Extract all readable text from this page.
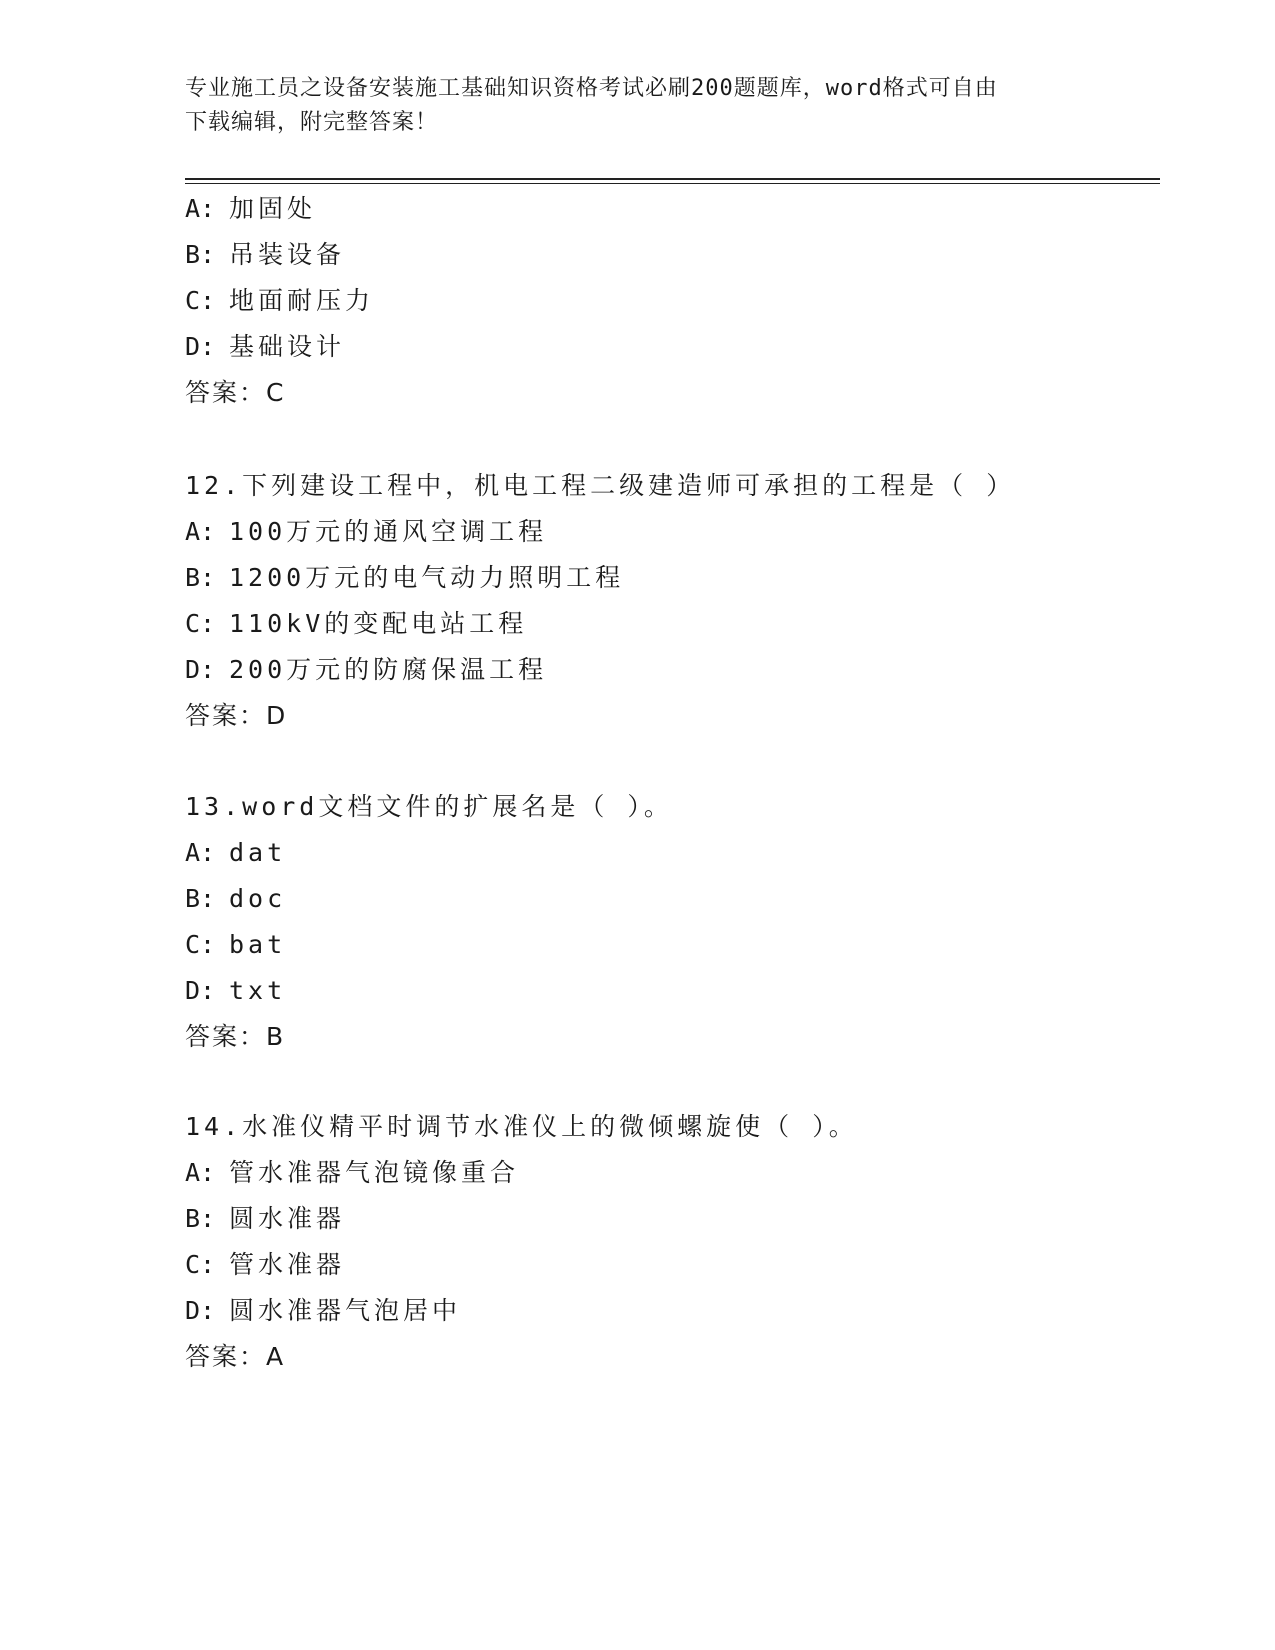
专业施工员之设备安装施工基础知识资格考试必刷200题题库，word格式可自由
下载编辑，附完整答案！
A: 加固处
B: 吊装设备
C: 地面耐压力
D: 基础设计
答案：C
12.下列建设工程中，机电工程二级建造师可承担的工程是（ ）
A: 100万元的通风空调工程
B: 1200万元的电气动力照明工程
C: 110kV的变配电站工程
D: 200万元的防腐保温工程
答案：D
13.word文档文件的扩展名是（ ）。
A: dat
B: doc
C: bat
D: txt
答案：B
14.水准仪精平时调节水准仪上的微倾螺旋使（ ）。
A: 管水准器气泡镜像重合
B: 圆水准器
C: 管水准器
D: 圆水准器气泡居中
答案：A
